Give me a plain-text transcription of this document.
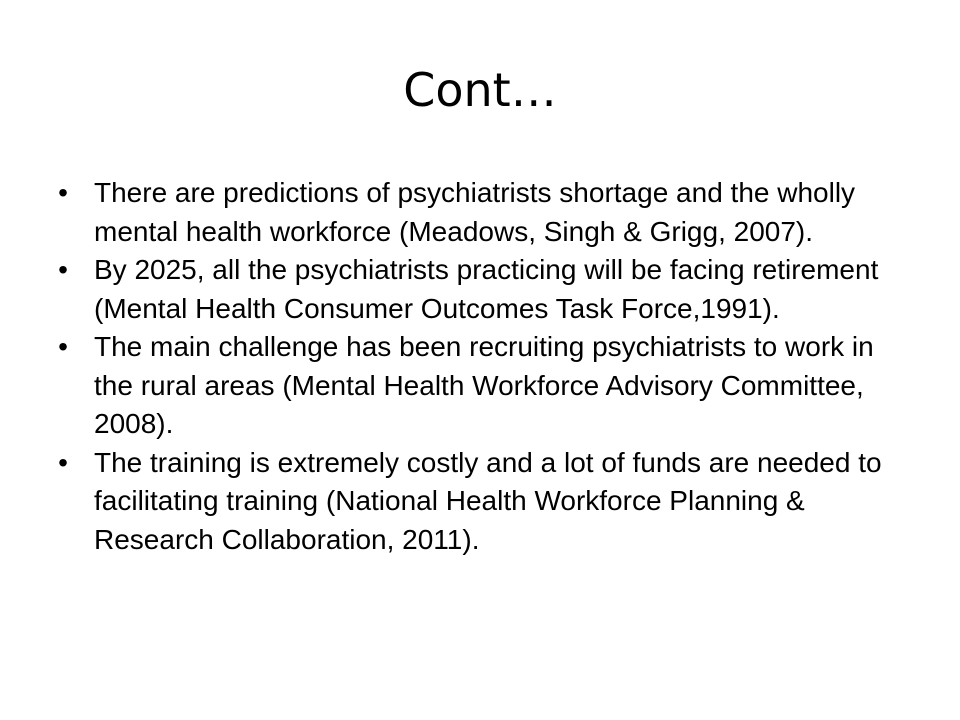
Cont…
• There are predictions of psychiatrists shortage and the wholly mental health workforce (Meadows, Singh & Grigg, 2007).
• By 2025, all the psychiatrists practicing will be facing retirement (Mental Health Consumer Outcomes Task Force,1991).
• The main challenge has been recruiting psychiatrists to work in the rural areas (Mental Health Workforce Advisory Committee, 2008).
• The training is extremely costly and a lot of funds are needed to facilitating training (National Health Workforce Planning & Research Collaboration, 2011).
